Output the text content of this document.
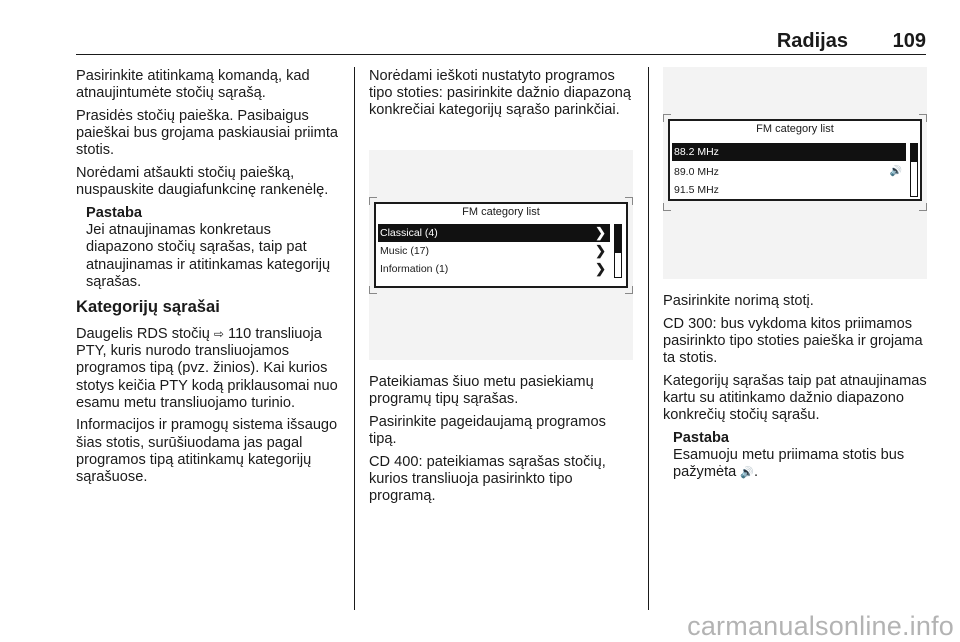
Radijas 109

Pasirinkite atitinkamą komandą, kad atnaujintumėte stočių sąrašą.

Prasidės stočių paieška. Pasibaigus paieškai bus grojama paskiausiai priimta stotis.

Norėdami atšaukti stočių paiešką, nuspauskite daugiafunkcinę rankenėlę.

Pastaba
Jei atnaujinamas konkretaus diapazono stočių sąrašas, taip pat atnaujinamas ir atitinkamas kategorijų sąrašas.
Kategorijų sąrašai

Daugelis RDS stočių ⇨ 110 transliuoja PTY, kuris nurodo transliuojamos programos tipą (pvz. žinios). Kai kurios stotys keičia PTY kodą priklausomai nuo esamu metu transliuojamo turinio.

Informacijos ir pramogų sistema išsaugo šias stotis, surūšiuodama jas pagal programos tipą atitinkamų kategorijų sąrašuose.

Norėdami ieškoti nustatyto programos tipo stoties: pasirinkite dažnio diapazoną konkrečiai kategorijų sąrašo parinkčiai.

FM category list
Classical (4)	❯
Music (17)	❯
Information (1)	❯

Pateikiamas šiuo metu pasiekiamų programų tipų sąrašas.

Pasirinkite pageidaujamą programos tipą.

CD 400: pateikiamas sąrašas stočių, kurios transliuoja pasirinkto tipo programą.

FM category list
88.2 MHz
89.0 MHz	🔊
91.5 MHz

Pasirinkite norimą stotį.

CD 300: bus vykdoma kitos priimamos pasirinkto tipo stoties paieška ir grojama ta stotis.

Kategorijų sąrašas taip pat atnaujinamas kartu su atitinkamo dažnio diapazono konkrečių stočių sąrašu.

Pastaba
Esamuoju metu priimama stotis bus pažymėta 🔊.
carmanualsonline.info
